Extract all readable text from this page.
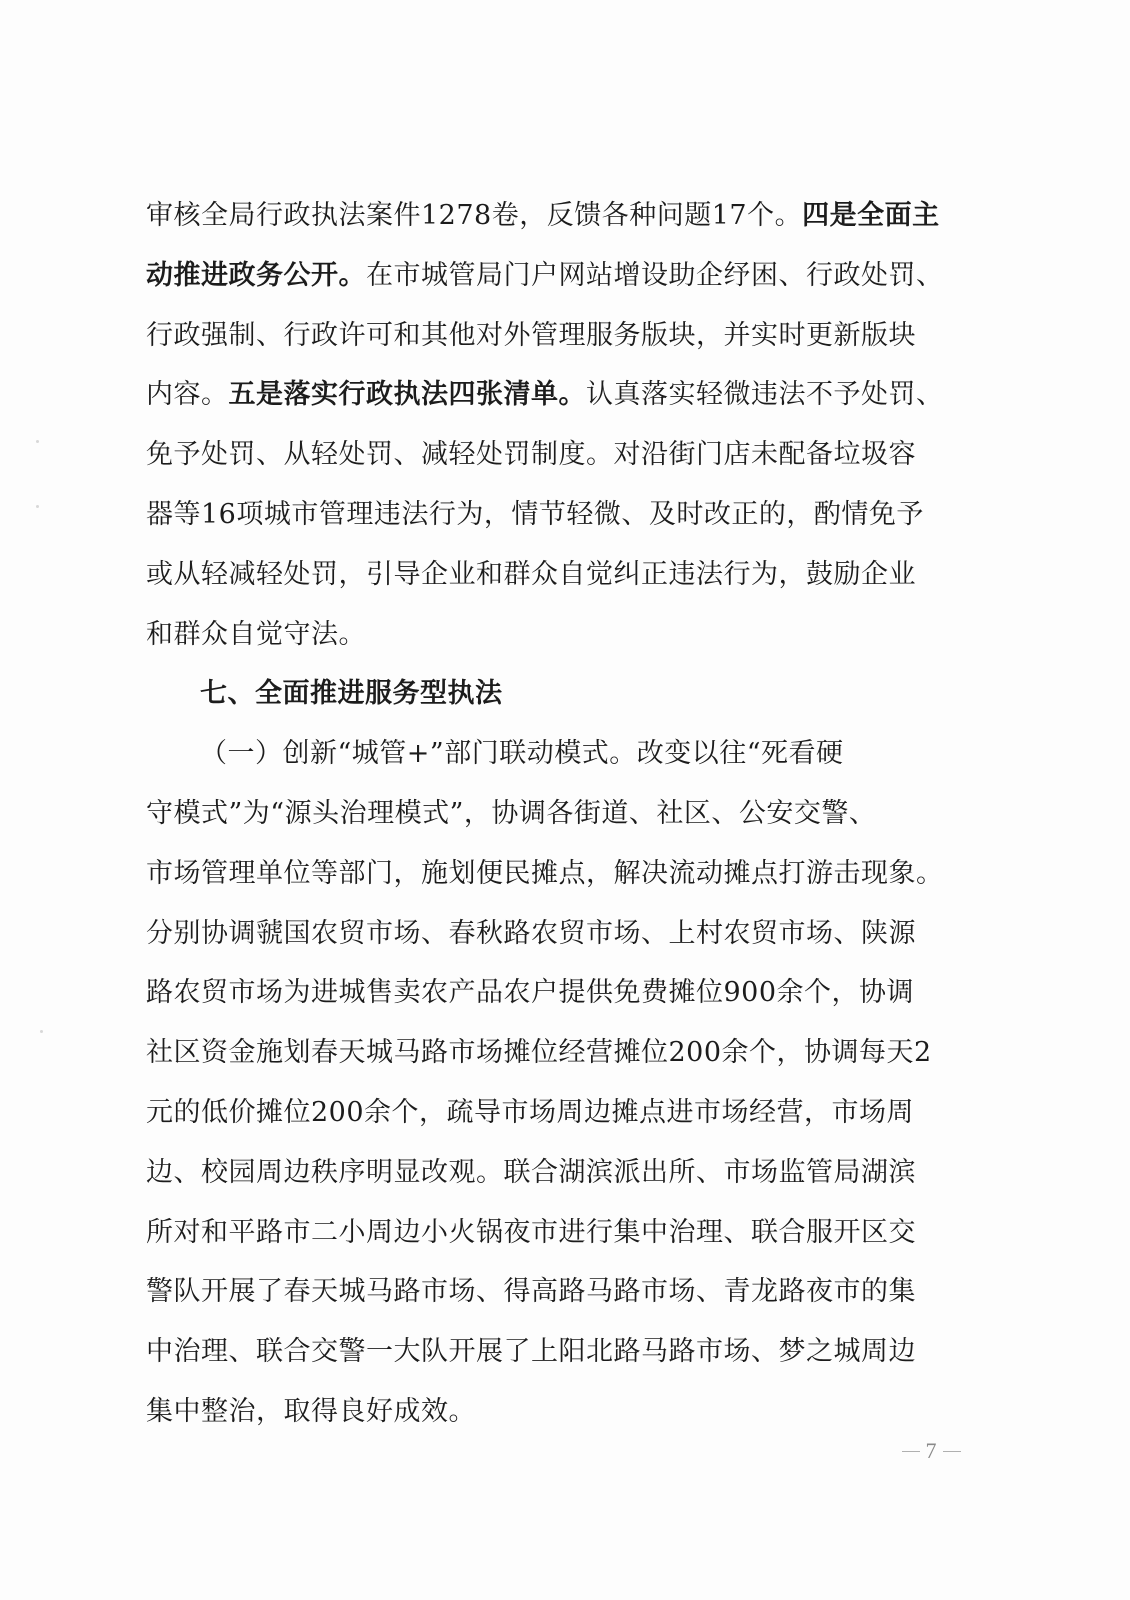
审核全局行政执法案件1278卷，反馈各种问题17个。四是全面主
动推进政务公开。在市城管局门户网站增设助企纾困、行政处罚、
行政强制、行政许可和其他对外管理服务版块，并实时更新版块
内容。五是落实行政执法四张清单。认真落实轻微违法不予处罚、
免予处罚、从轻处罚、减轻处罚制度。对沿街门店未配备垃圾容
器等16项城市管理违法行为，情节轻微、及时改正的，酌情免予
或从轻减轻处罚，引导企业和群众自觉纠正违法行为，鼓励企业
和群众自觉守法。
七、全面推进服务型执法
（一）创新“城管+”部门联动模式。改变以往“死看硬
守模式”为“源头治理模式”，协调各街道、社区、公安交警、
市场管理单位等部门，施划便民摊点，解决流动摊点打游击现象。
分别协调虢国农贸市场、春秋路农贸市场、上村农贸市场、陕源
路农贸市场为进城售卖农产品农户提供免费摊位900余个，协调
社区资金施划春天城马路市场摊位经营摊位200余个，协调每天2
元的低价摊位200余个，疏导市场周边摊点进市场经营，市场周
边、校园周边秩序明显改观。联合湖滨派出所、市场监管局湖滨
所对和平路市二小周边小火锅夜市进行集中治理、联合服开区交
警队开展了春天城马路市场、得高路马路市场、青龙路夜市的集
中治理、联合交警一大队开展了上阳北路马路市场、梦之城周边
集中整治，取得良好成效。
7
